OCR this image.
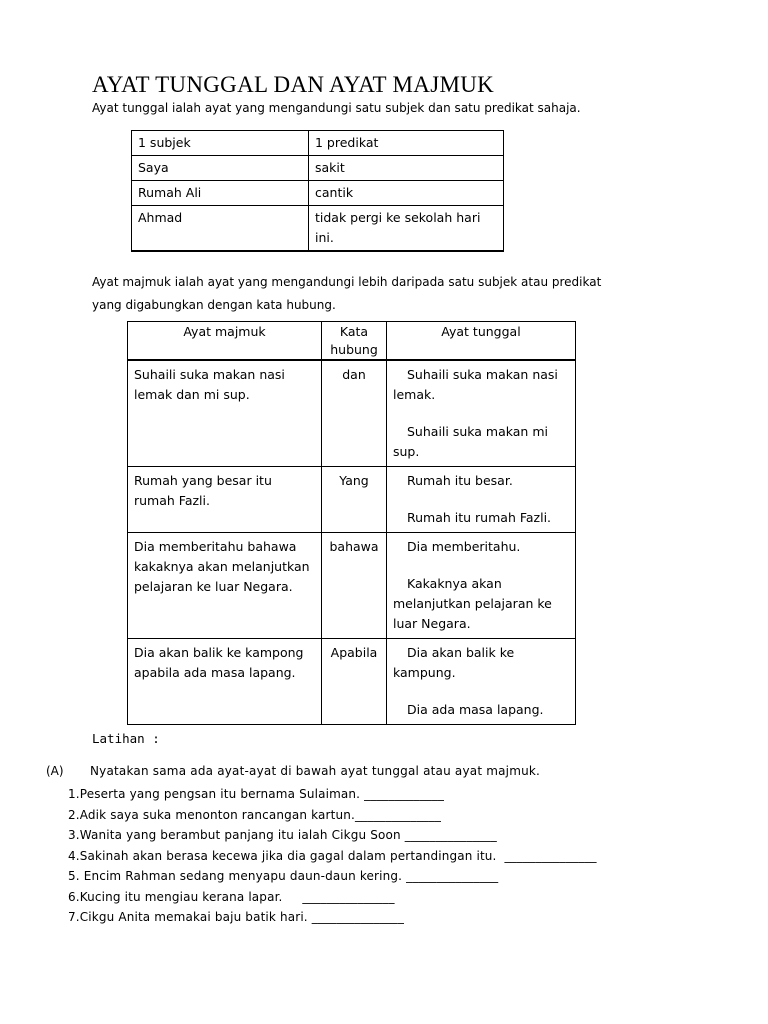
AYAT TUNGGAL DAN AYAT MAJMUK
Ayat tunggal ialah ayat yang mengandungi satu subjek dan satu predikat sahaja.
1 subjek	1 predikat
Saya	sakit
Rumah Ali	cantik
Ahmad	tidak pergi ke sekolah hari ini.
Ayat majmuk ialah ayat yang mengandungi lebih daripada satu subjek atau predikat yang digabungkan dengan kata hubung.
Ayat majmuk	Kata hubung	Ayat tunggal
Suhaili suka makan nasi lemak dan mi sup.	dan	Suhaili suka makan nasi lemak.

Suhaili suka makan mi sup.

Rumah yang besar itu rumah Fazli.	Yang	Rumah itu besar.

Rumah itu rumah Fazli.

Dia memberitahu bahawa kakaknya akan melanjutkan pelajaran ke luar Negara.	bahawa	Dia memberitahu.

Kakaknya akan melanjutkan pelajaran ke luar Negara.

Dia akan balik ke kampong apabila ada masa lapang.	Apabila	Dia akan balik ke kampung.

Dia ada masa lapang.

Latihan :
(A) Nyatakan sama ada ayat-ayat di bawah ayat tunggal atau ayat majmuk.
1.Peserta yang pengsan itu bernama Sulaiman. _____________
2.Adik saya suka menonton rancangan kartun.______________
3.Wanita yang berambut panjang itu ialah Cikgu Soon _______________
4.Sakinah akan berasa kecewa jika dia gagal dalam pertandingan itu.  _______________
5. Encim Rahman sedang menyapu daun-daun kering. _______________
6.Kucing itu mengiau kerana lapar.     _______________
7.Cikgu Anita memakai baju batik hari. _______________
